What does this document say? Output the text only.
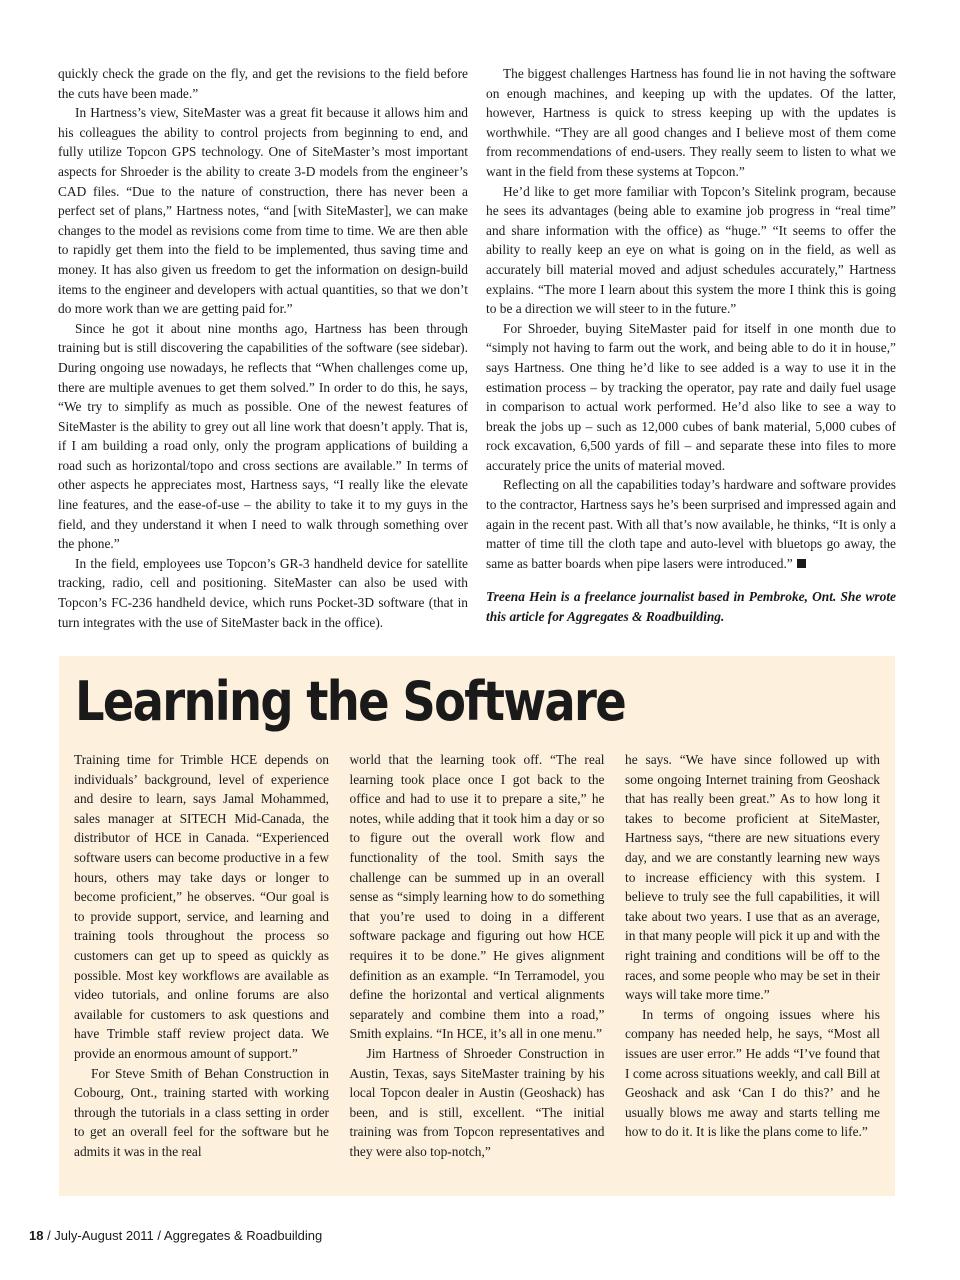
quickly check the grade on the fly, and get the revisions to the field before the cuts have been made.”

In Hartness’s view, SiteMaster was a great fit because it allows him and his colleagues the ability to control projects from beginning to end, and fully utilize Topcon GPS technology. One of SiteMaster’s most important aspects for Shroeder is the ability to create 3-D models from the engineer’s CAD files. “Due to the nature of construction, there has never been a perfect set of plans,” Hartness notes, “and [with SiteMaster], we can make changes to the model as revisions come from time to time. We are then able to rapidly get them into the field to be implemented, thus saving time and money. It has also given us freedom to get the information on design-build items to the engineer and developers with actual quantities, so that we don’t do more work than we are getting paid for.”

Since he got it about nine months ago, Hartness has been through training but is still discovering the capabilities of the software (see sidebar). During ongoing use nowadays, he reflects that “When challenges come up, there are multiple avenues to get them solved.” In order to do this, he says, “We try to simplify as much as possible. One of the newest features of SiteMaster is the ability to grey out all line work that doesn’t apply. That is, if I am building a road only, only the program applications of building a road such as horizontal/topo and cross sections are available.” In terms of other aspects he appreciates most, Hartness says, “I really like the elevate line features, and the ease-of-use – the ability to take it to my guys in the field, and they understand it when I need to walk through something over the phone.”

In the field, employees use Topcon’s GR-3 handheld device for satellite tracking, radio, cell and positioning. SiteMaster can also be used with Topcon’s FC-236 handheld device, which runs Pocket-3D software (that in turn integrates with the use of SiteMaster back in the office).

The biggest challenges Hartness has found lie in not having the software on enough machines, and keeping up with the updates. Of the latter, however, Hartness is quick to stress keeping up with the updates is worthwhile. “They are all good changes and I believe most of them come from recommendations of end-users. They really seem to listen to what we want in the field from these systems at Topcon.”

He’d like to get more familiar with Topcon’s Sitelink program, because he sees its advantages (being able to examine job progress in “real time” and share information with the office) as “huge.” “It seems to offer the ability to really keep an eye on what is going on in the field, as well as accurately bill material moved and adjust schedules accurately,” Hartness explains. “The more I learn about this system the more I think this is going to be a direction we will steer to in the future.”

For Shroeder, buying SiteMaster paid for itself in one month due to “simply not having to farm out the work, and being able to do it in house,” says Hartness. One thing he’d like to see added is a way to use it in the estimation process – by tracking the operator, pay rate and daily fuel usage in comparison to actual work performed. He’d also like to see a way to break the jobs up – such as 12,000 cubes of bank material, 5,000 cubes of rock excavation, 6,500 yards of fill – and separate these into files to more accurately price the units of material moved.

Reflecting on all the capabilities today’s hardware and software provides to the contractor, Hartness says he’s been surprised and impressed again and again in the recent past. With all that’s now available, he thinks, “It is only a matter of time till the cloth tape and auto-level with bluetops go away, the same as batter boards when pipe lasers were introduced.”

Treena Hein is a freelance journalist based in Pembroke, Ont. She wrote this article for Aggregates & Roadbuilding.

Learning the Software

Training time for Trimble HCE depends on individuals’ background, level of experience and desire to learn, says Jamal Mohammed, sales manager at SITECH Mid-Canada, the distributor of HCE in Canada. “Experienced software users can become productive in a few hours, others may take days or longer to become proficient,” he observes. “Our goal is to provide support, service, and learning and training tools throughout the process so customers can get up to speed as quickly as possible. Most key workflows are available as video tutorials, and online forums are also available for customers to ask questions and have Trimble staff review project data. We provide an enormous amount of support.”

For Steve Smith of Behan Construction in Cobourg, Ont., training started with working through the tutorials in a class setting in order to get an overall feel for the software but he admits it was in the real

world that the learning took off. “The real learning took place once I got back to the office and had to use it to prepare a site,” he notes, while adding that it took him a day or so to figure out the overall work flow and functionality of the tool. Smith says the challenge can be summed up in an overall sense as “simply learning how to do something that you’re used to doing in a different software package and figuring out how HCE requires it to be done.” He gives alignment definition as an example. “In Terramodel, you define the horizontal and vertical alignments separately and combine them into a road,” Smith explains. “In HCE, it’s all in one menu.”

Jim Hartness of Shroeder Construction in Austin, Texas, says SiteMaster training by his local Topcon dealer in Austin (Geoshack) has been, and is still, excellent. “The initial training was from Topcon representatives and they were also top-notch,”

he says. “We have since followed up with some ongoing Internet training from Geoshack that has really been great.” As to how long it takes to become proficient at SiteMaster, Hartness says, “there are new situations every day, and we are constantly learning new ways to increase efficiency with this system. I believe to truly see the full capabilities, it will take about two years. I use that as an average, in that many people will pick it up and with the right training and conditions will be off to the races, and some people who may be set in their ways will take more time.”

In terms of ongoing issues where his company has needed help, he says, “Most all issues are user error.” He adds “I’ve found that I come across situations weekly, and call Bill at Geoshack and ask ‘Can I do this?’ and he usually blows me away and starts telling me how to do it. It is like the plans come to life.”

18 / July-August 2011 / Aggregates & Roadbuilding
